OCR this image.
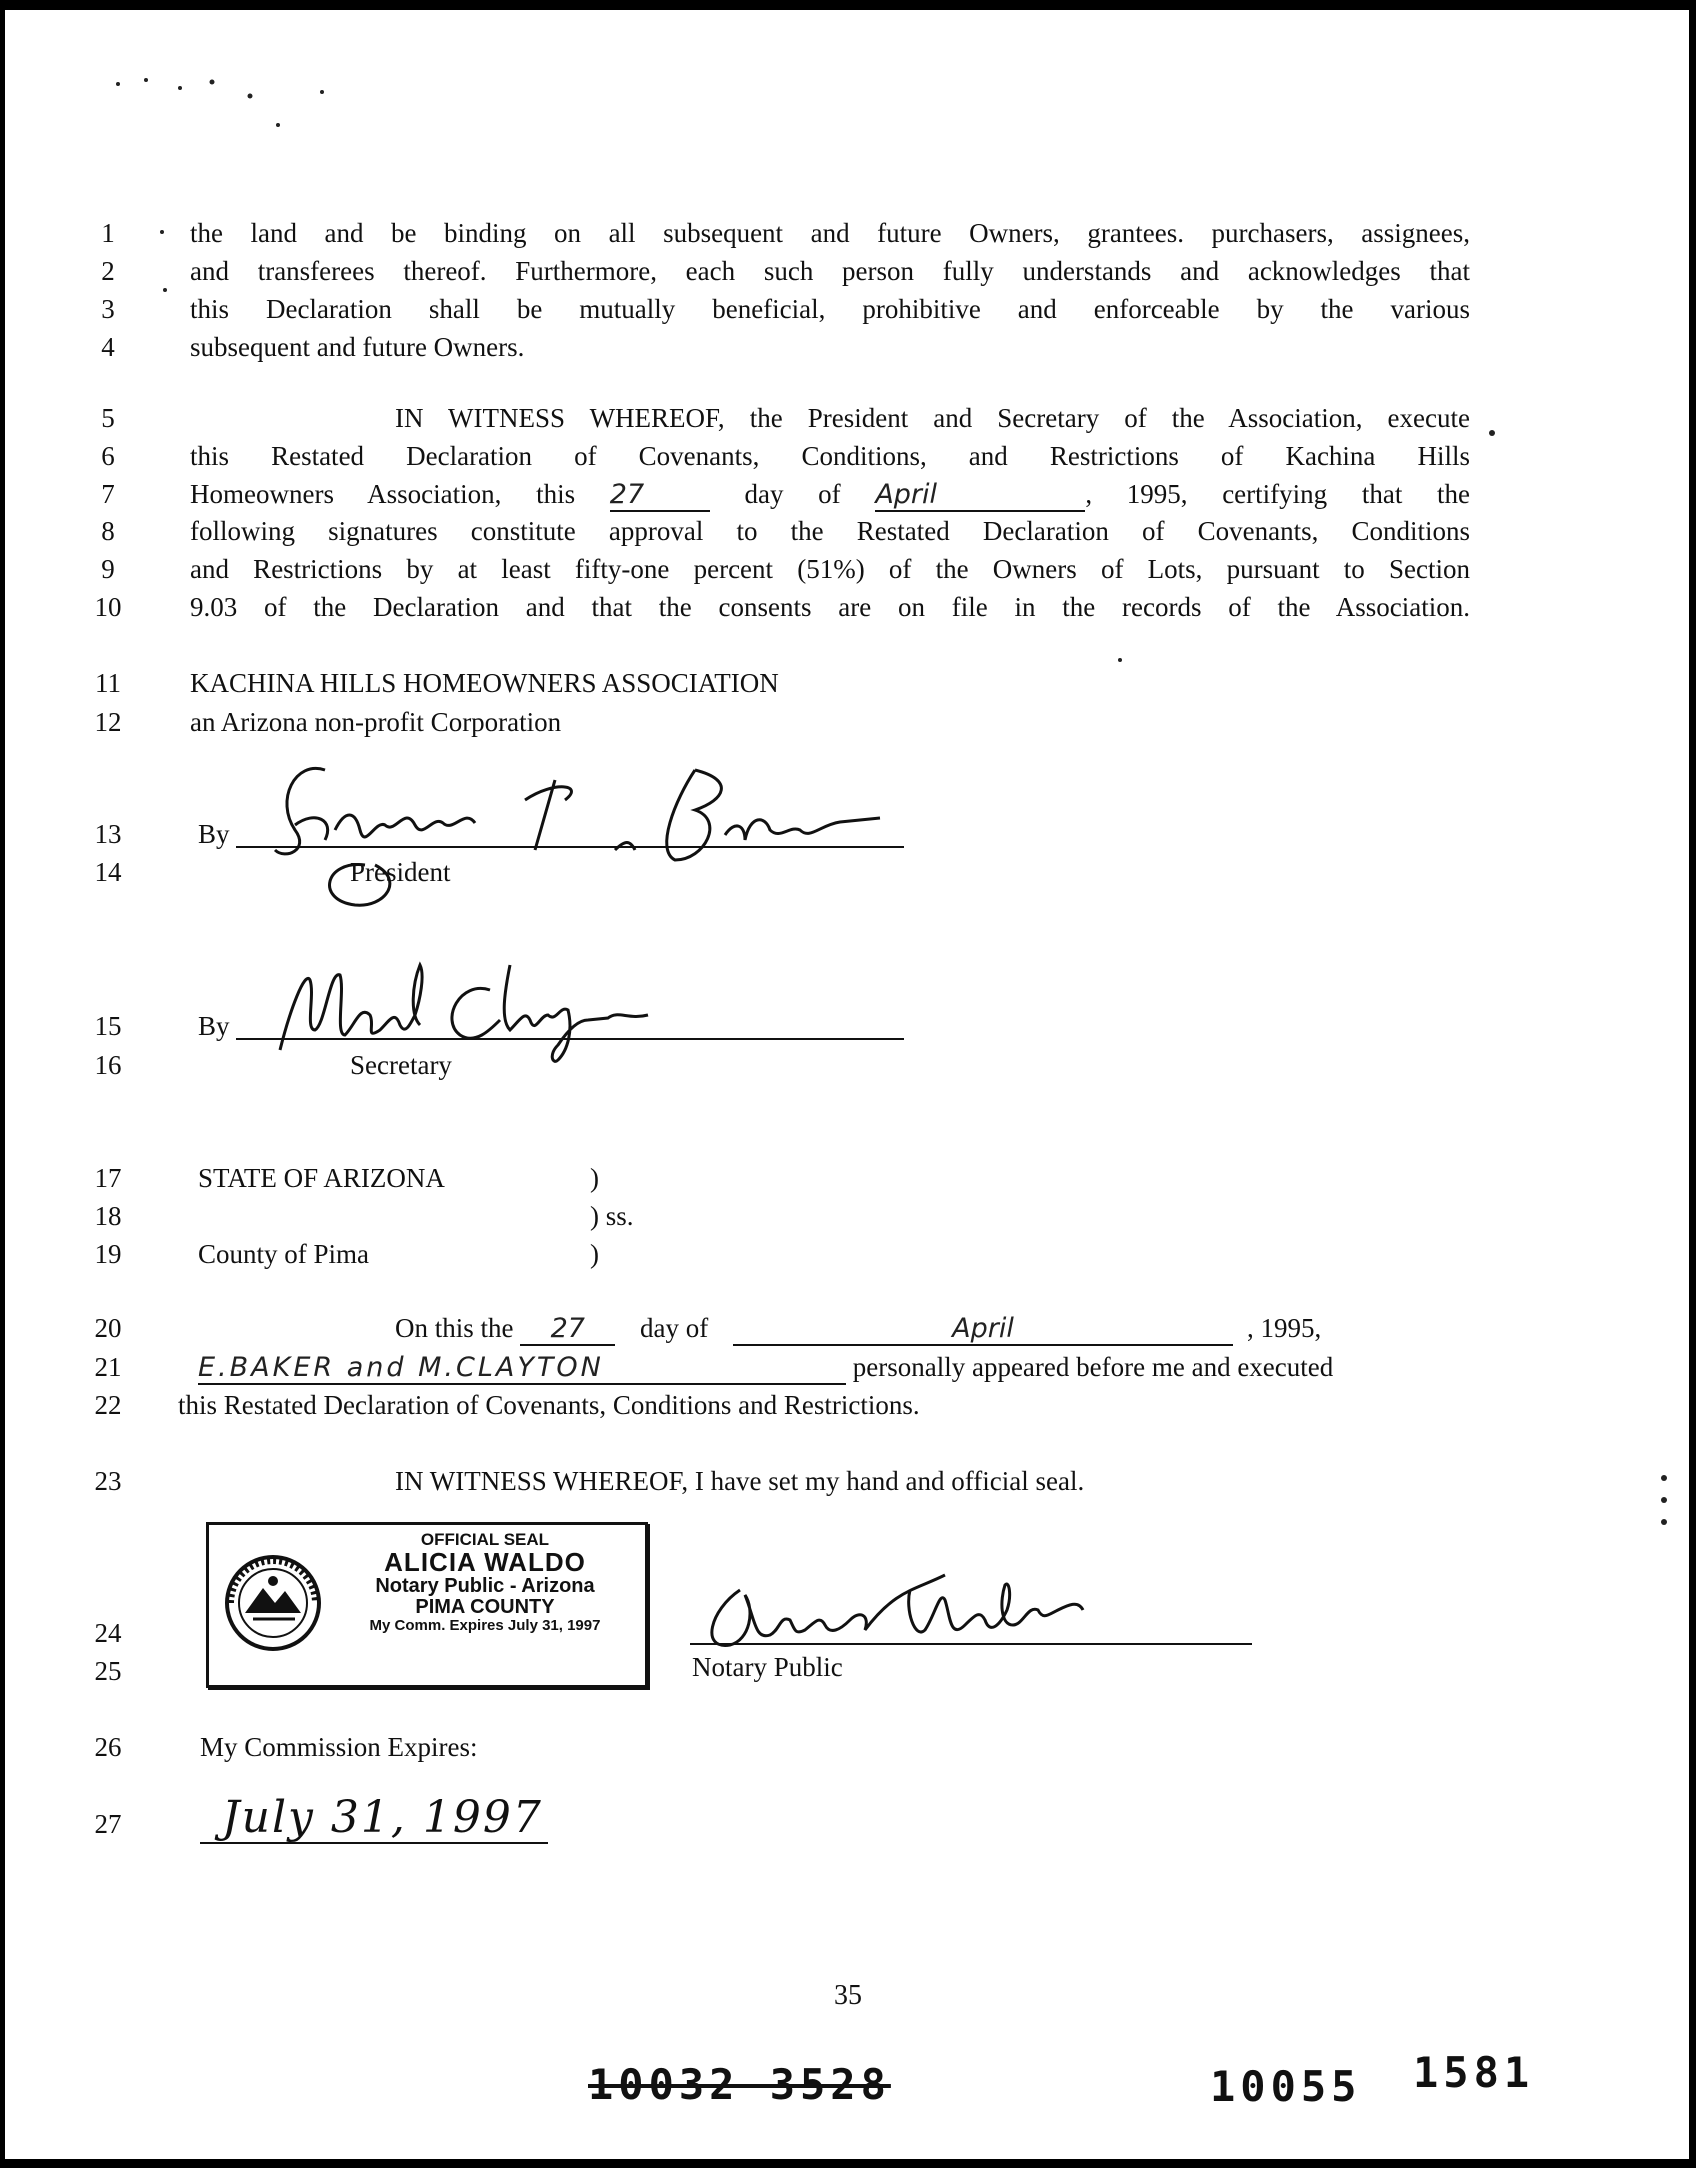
1
2
3
4
5
6
7
8
9
10
11
12
13
14
15
16
17
18
19
20
21
22
23
24
25
26
27
the land and be binding on all subsequent and future Owners, grantees. purchasers, assignees,
and transferees thereof. Furthermore, each such person fully understands and acknowledges that
this Declaration shall be mutually beneficial, prohibitive and enforceable by the various
subsequent and future Owners.
IN WITNESS WHEREOF, the President and Secretary of the Association, execute
this Restated Declaration of Covenants, Conditions, and Restrictions of Kachina Hills
Homeowners Association, this 27	day of April	, 1995, certifying that the
following signatures constitute approval to the Restated Declaration of Covenants, Conditions
and Restrictions by at least fifty-one percent (51%) of the Owners of Lots, pursuant to Section
9.03 of the Declaration and that the consents are on file in the records of the Association.
KACHINA HILLS HOMEOWNERS ASSOCIATION
an Arizona non-profit Corporation
By
President
By
Secretary
STATE OF ARIZONA	)
) ss.
County of Pima	)
On this the 27 day of	April	, 1995,
E.BAKER and M.CLAYTON	personally appeared before me and executed
this Restated Declaration of Covenants, Conditions and Restrictions.
IN WITNESS WHEREOF, I have set my hand and official seal.
OFFICIAL SEAL
ALICIA WALDO
Notary Public - Arizona
PIMA COUNTY
My Comm. Expires July 31, 1997
Notary Public
My Commission Expires:
July 31, 1997
35
10032 3528	10055 1581
